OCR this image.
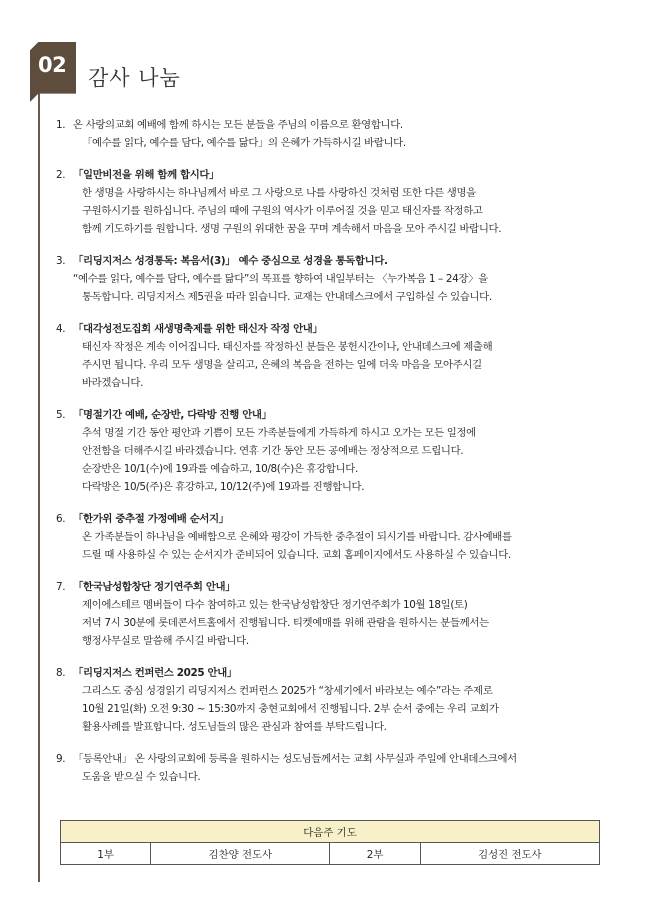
02
감사 나눔
1. 온 사랑의교회 예배에 함께 하시는 모든 분들을 주님의 이름으로 환영합니다.
「예수를 읽다, 예수를 담다, 예수를 닮다」의 은혜가 가득하시길 바랍니다.
2. 「일만비전을 위해 함께 합시다」
한 생명을 사랑하시는 하나님께서 바로 그 사랑으로 나를 사랑하신 것처럼 또한 다른 생명을
구원하시기를 원하십니다. 주님의 때에 구원의 역사가 이루어질 것을 믿고 태신자를 작정하고
함께 기도하기를 원합니다. 생명 구원의 위대한 꿈을 꾸며 계속해서 마음을 모아 주시길 바랍니다.
3. 「리딩지저스 성경통독: 복음서(3)」 예수 중심으로 성경을 통독합니다.
“예수를 읽다, 예수를 담다, 예수를 닮다”의 목표를 향하여 내일부터는 〈누가복음 1 – 24장〉을
통독합니다. 리딩지저스 제5권을 따라 읽습니다. 교재는 안내데스크에서 구입하실 수 있습니다.
4. 「대각성전도집회 새생명축제를 위한 태신자 작정 안내」
태신자 작정은 계속 이어집니다. 태신자를 작정하신 분들은 봉헌시간이나, 안내데스크에 제출해
주시면 됩니다. 우리 모두 생명을 살리고, 은혜의 복음을 전하는 일에 더욱 마음을 모아주시길
바라겠습니다.
5. 「명절기간 예배, 순장반, 다락방 진행 안내」
추석 명절 기간 동안 평안과 기쁨이 모든 가족분들에게 가득하게 하시고 오가는 모든 일정에
안전함을 더해주시길 바라겠습니다. 연휴 기간 동안 모든 공예배는 정상적으로 드립니다.
순장반은 10/1(수)에 19과를 예습하고, 10/8(수)은 휴강합니다.
다락방은 10/5(주)은 휴강하고, 10/12(주)에 19과를 진행합니다.
6. 「한가위 중추절 가정예배 순서지」
온 가족분들이 하나님을 예배함으로 은혜와 평강이 가득한 중추절이 되시기를 바랍니다. 감사예배를
드릴 때 사용하실 수 있는 순서지가 준비되어 있습니다. 교회 홈페이지에서도 사용하실 수 있습니다.
7. 「한국남성합창단 정기연주회 안내」
제이에스테르 멤버들이 다수 참여하고 있는 한국남성합창단 정기연주회가 10월 18일(토)
저녁 7시 30분에 롯데콘서트홀에서 진행됩니다. 티켓예매를 위해 관람을 원하시는 분들께서는
행정사무실로 말씀해 주시길 바랍니다.
8. 「리딩지저스 컨퍼런스 2025 안내」
그리스도 중심 성경읽기 리딩지저스 컨퍼런스 2025가 “창세기에서 바라보는 예수”라는 주제로
10월 21일(화) 오전 9:30 ~ 15:30까지 충현교회에서 진행됩니다. 2부 순서 중에는 우리 교회가
활용사례를 발표합니다. 성도님들의 많은 관심과 참여를 부탁드립니다.
9. 「등록안내」 온 사랑의교회에 등록을 원하시는 성도님들께서는 교회 사무실과 주일에 안내데스크에서
도움을 받으실 수 있습니다.
다음주 기도
1부	김찬양 전도사	2부	김성진 전도사
